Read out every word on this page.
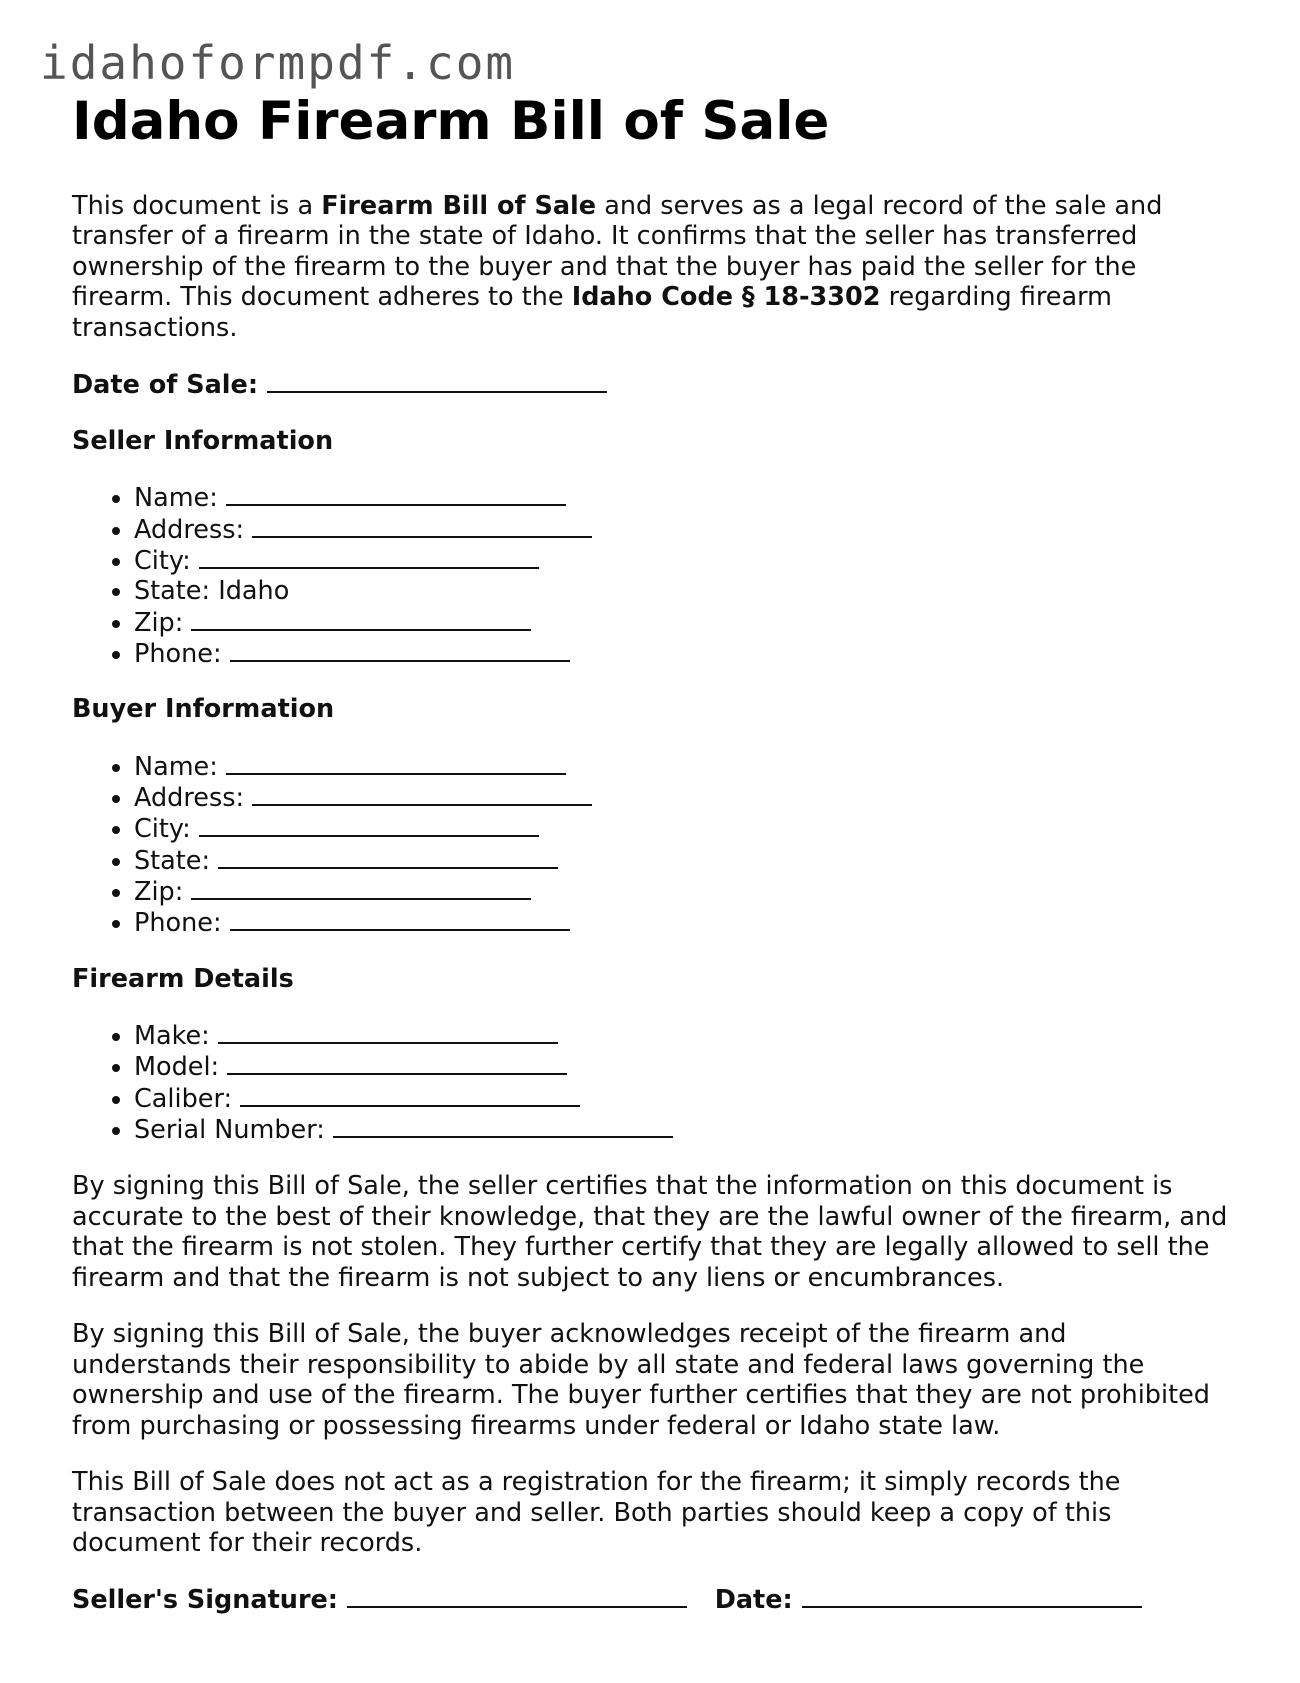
idahoformpdf.com
Idaho Firearm Bill of Sale

This document is a Firearm Bill of Sale and serves as a legal record of the sale and transfer of a firearm in the state of Idaho. It confirms that the seller has transferred ownership of the firearm to the buyer and that the buyer has paid the seller for the firearm. This document adheres to the Idaho Code § 18-3302 regarding firearm transactions.

Date of Sale:
Seller Information
• Name:
• Address:
• City:
• State: Idaho
• Zip:
• Phone:
Buyer Information
• Name:
• Address:
• City:
• State:
• Zip:
• Phone:
Firearm Details
• Make:
• Model:
• Caliber:
• Serial Number:

By signing this Bill of Sale, the seller certifies that the information on this document is accurate to the best of their knowledge, that they are the lawful owner of the firearm, and that the firearm is not stolen. They further certify that they are legally allowed to sell the firearm and that the firearm is not subject to any liens or encumbrances.

By signing this Bill of Sale, the buyer acknowledges receipt of the firearm and understands their responsibility to abide by all state and federal laws governing the ownership and use of the firearm. The buyer further certifies that they are not prohibited from purchasing or possessing firearms under federal or Idaho state law.

This Bill of Sale does not act as a registration for the firearm; it simply records the transaction between the buyer and seller. Both parties should keep a copy of this document for their records.

Seller's Signature:	Date:
